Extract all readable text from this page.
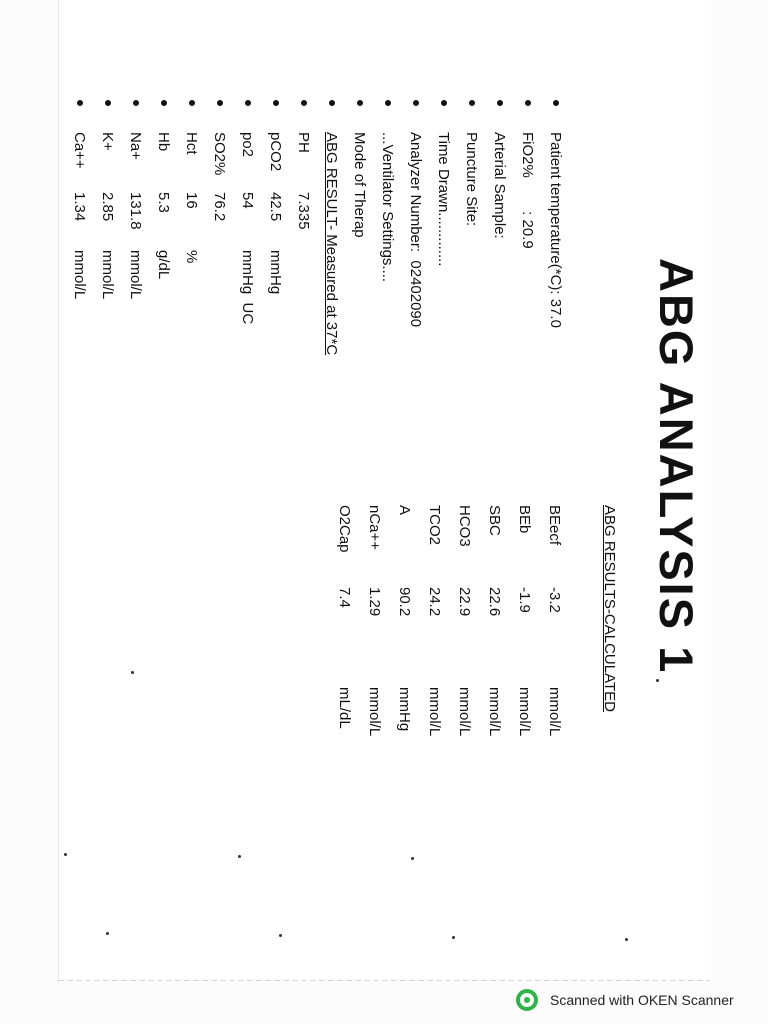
ABG ANALYSIS 1
ABG RESULTS-CALCULATED
BEecf
-3.2
mmol/L
BEb
-1.9
mmol/L
SBC
22.6
mmol/L
HCO3
22.9
mmol/L
TCO2
24.2
mmol/L
A
90.2
mmHg
nCa++
1.29
mmol/L
O2Cap
7.4
mL/dL
Patient temperature(*C): 37.0
FiO2%        : 20.9
Arterial Sample:
Puncture Site:
Time Drawn.............
Analyzer Number:  02402090
...Ventilator Settings....
Mode of Therap
ABG RESULT- Measured at 37*C
PH
7.335
pCO2
42.5
mmHg
po2
54
mmHg  UC
SO2%
76.2
Hct
16
%
Hb
5.3
g/dL
Na+
131.8
mmol/L
K+
2.85
mmol/L
Ca++
1.34
mmol/L
Scanned with OKEN Scanner
